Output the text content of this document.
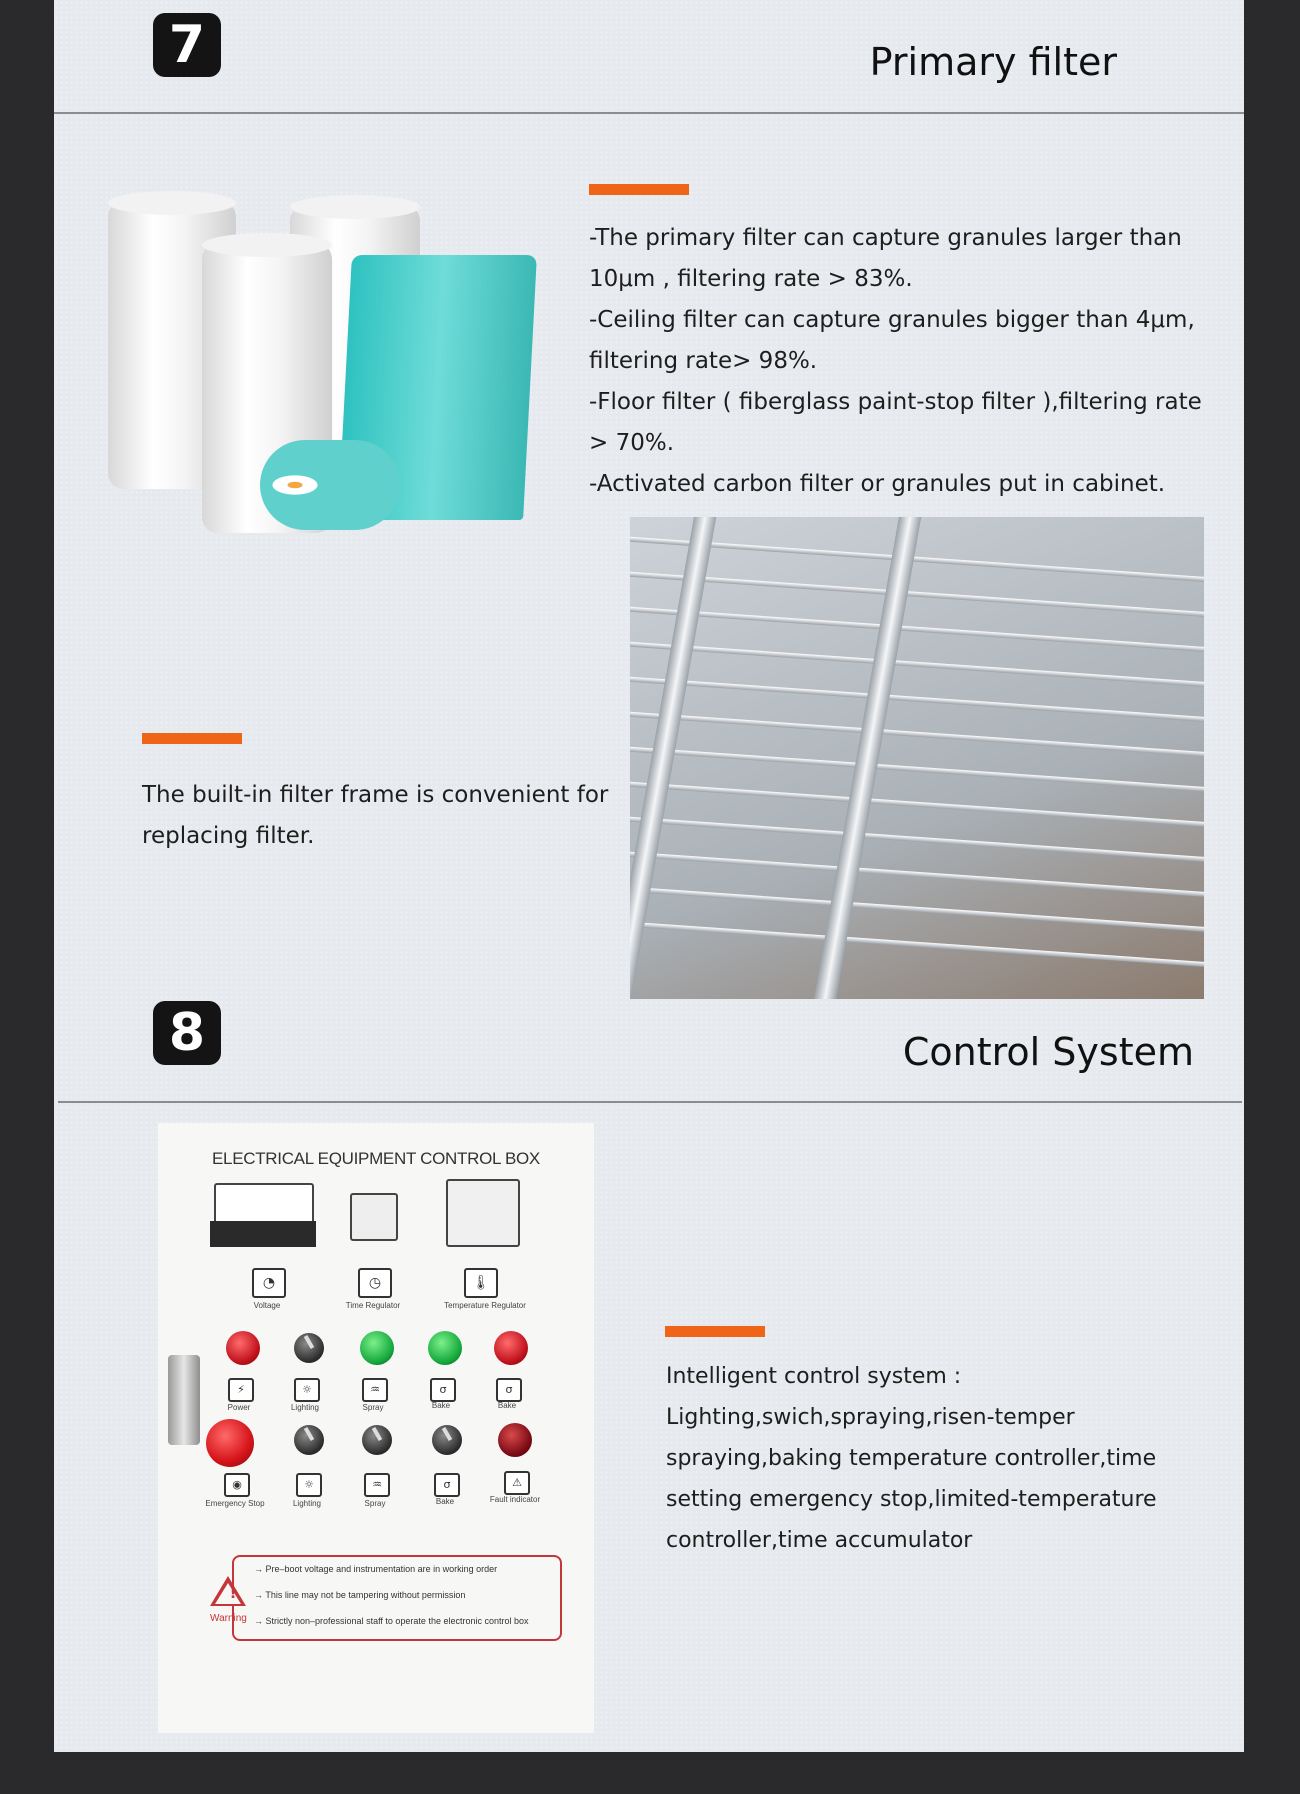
7	Primary filter

-The primary filter can capture granules larger than 10μm , filtering rate > 83%.

-Ceiling filter can capture granules bigger than 4μm, filtering rate> 98%.

-Floor filter ( fiberglass paint-stop filter ),filtering rate > 70%.

-Activated carbon filter or granules put in cabinet.

The built-in filter frame is convenient for replacing filter.
8	Control System
ELECTRICAL EQUIPMENT CONTROL BOX
◔	◷	🌡
Voltage	Time Regulator	Temperature Regulator
⚡	☼	♒	σ	σ
Power	Lighting	Spray	Bake	Bake
◉	☼	♒	σ	⚠
Emergency Stop	Lighting	Spray	Bake	Fault indicator
!
Warning
→ Pre–boot voltage and instrumentation are in working order
→ This line may not be tampering without permission
→ Strictly non–professional staff to operate the electronic control box

Intelligent control system :

Lighting,swich,spraying,risen-temper

spraying,baking temperature controller,time

setting emergency stop,limited-temperature

controller,time accumulator
